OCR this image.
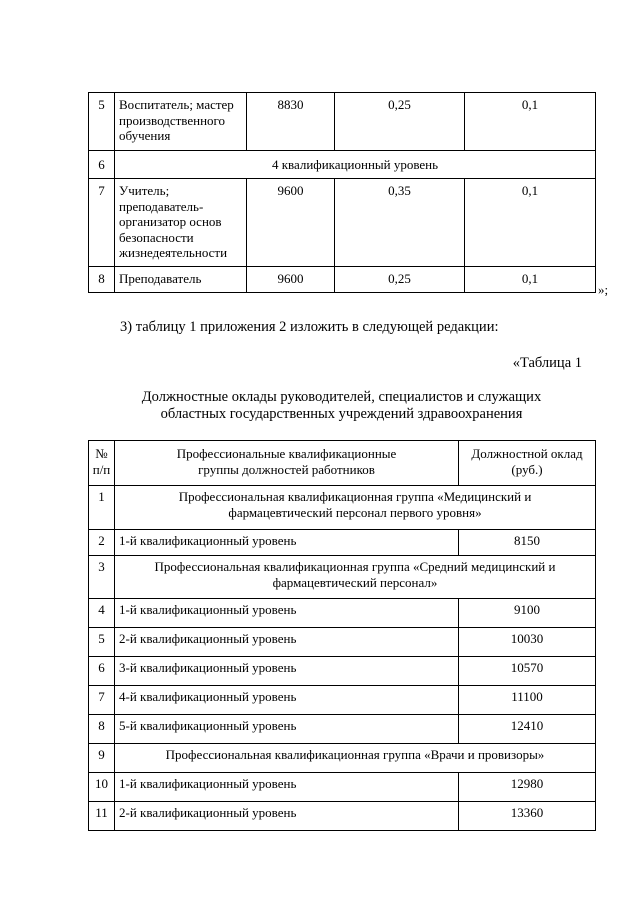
5	Воспитатель; мастер производственного обучения	8830	0,25	0,1
6	4 квалификационный уровень			
7	Учитель; преподаватель-организатор основ безопасности жизнедеятельности	9600	0,35	0,1
8	Преподаватель	9600	0,25	0,1
»;
3) таблицу 1 приложения 2 изложить в следующей редакции:
«Таблица 1
Должностные оклады руководителей, специалистов и служащих
областных государственных учреждений здравоохранения
№ п/п	Профессиональные квалификационные группы должностей работников	Должностной оклад (руб.)
1	Профессиональная квалификационная группа «Медицинский и фармацевтический персонал первого уровня»	
2	1-й квалификационный уровень	8150
3	Профессиональная квалификационная группа «Средний медицинский и фармацевтический персонал»	
4	1-й квалификационный уровень	9100
5	2-й квалификационный уровень	10030
6	3-й квалификационный уровень	10570
7	4-й квалификационный уровень	11100
8	5-й квалификационный уровень	12410
9	Профессиональная квалификационная группа «Врачи и провизоры»	
10	1-й квалификационный уровень	12980
11	2-й квалификационный уровень	13360
